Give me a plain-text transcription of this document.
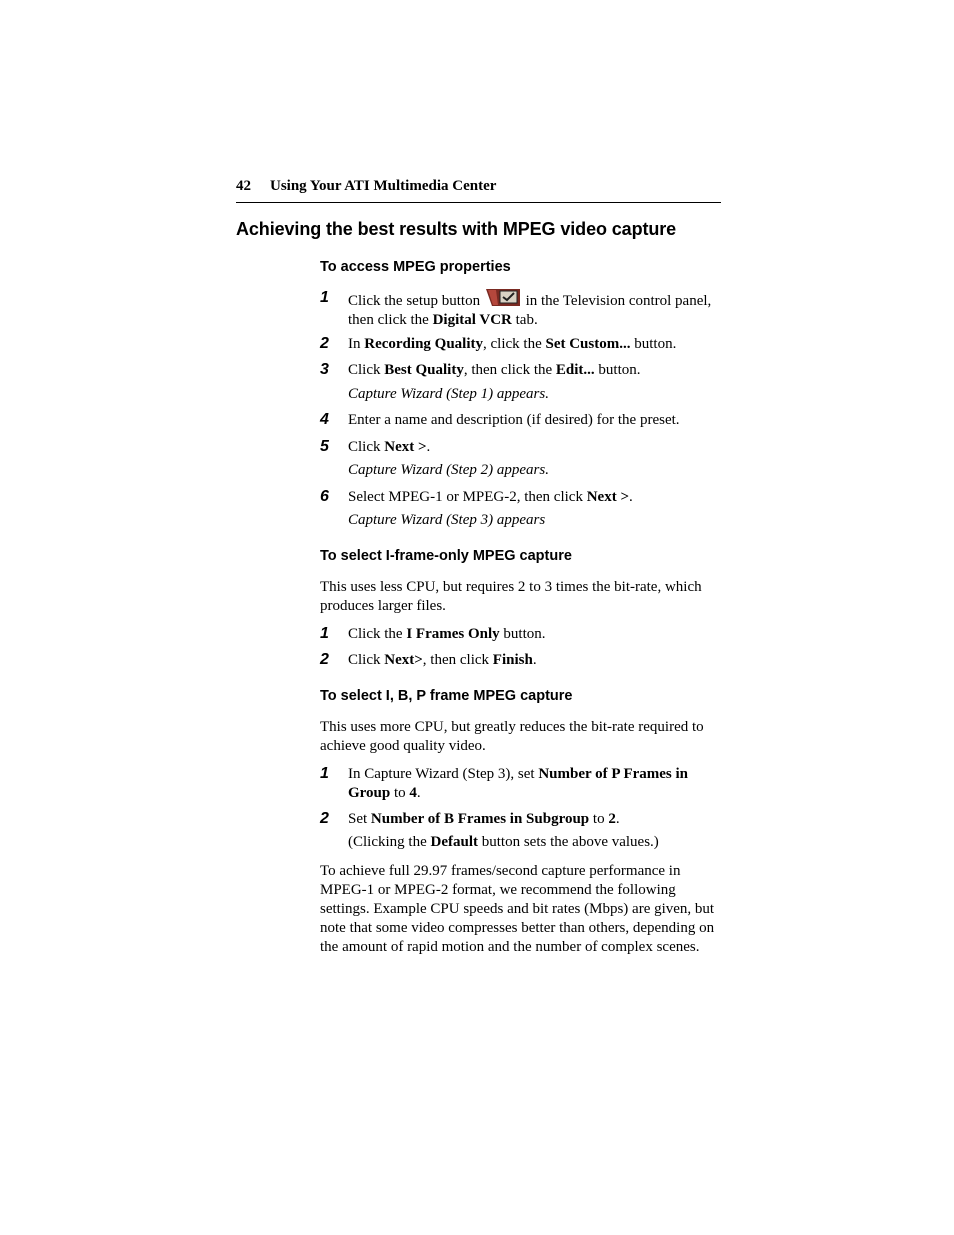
42 Using Your ATI Multimedia Center
Achieving the best results with MPEG video capture
To access MPEG properties
1 Click the setup button	in the Television control panel, then click the Digital VCR tab.
2 In Recording Quality, click the Set Custom... button.
3 Click Best Quality, then click the Edit... button.
Capture Wizard (Step 1) appears.
4 Enter a name and description (if desired) for the preset.
5 Click Next >.
Capture Wizard (Step 2) appears.
6 Select MPEG-1 or MPEG-2, then click Next >.
Capture Wizard (Step 3) appears
To select I-frame-only MPEG capture
This uses less CPU, but requires 2 to 3 times the bit-rate, which produces larger files.
1 Click the I Frames Only button.
2 Click Next>, then click Finish.
To select I, B, P frame MPEG capture
This uses more CPU, but greatly reduces the bit-rate required to achieve good quality video.
1 In Capture Wizard (Step 3), set Number of P Frames in Group to 4.
2 Set Number of B Frames in Subgroup to 2.
(Clicking the Default button sets the above values.)
To achieve full 29.97 frames/second capture performance in MPEG-1 or MPEG-2 format, we recommend the following settings. Example CPU speeds and bit rates (Mbps) are given, but note that some video compresses better than others, depending on the amount of rapid motion and the number of complex scenes.
